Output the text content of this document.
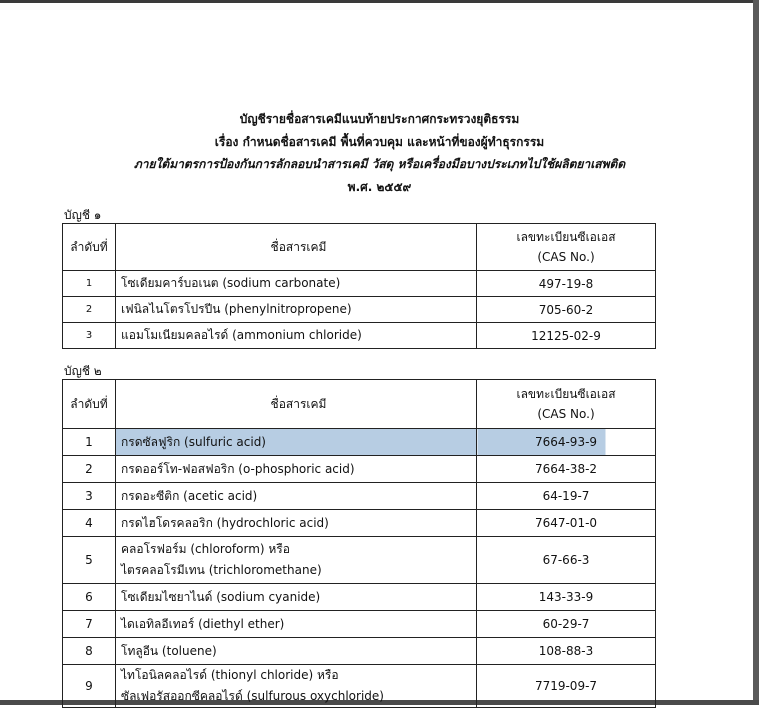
บัญชีรายชื่อสารเคมีแนบท้ายประกาศกระทรวงยุติธรรม
เรื่อง กำหนดชื่อสารเคมี พื้นที่ควบคุม และหน้าที่ของผู้ทำธุรกรรม
ภายใต้มาตรการป้องกันการลักลอบนำสารเคมี วัสดุ หรือเครื่องมือบางประเภทไปใช้ผลิตยาเสพติด
พ.ศ. ๒๕๕๙
บัญชี ๑
ลำดับที่	ชื่อสารเคมี	เลขทะเบียนซีเอเอส
(CAS No.)

1	โซเดียมคาร์บอเนต (sodium carbonate)	497-19-8
2	เฟนิลไนโตรโปรปีน (phenylnitropropene)	705-60-2
3	แอมโมเนียมคลอไรด์ (ammonium chloride)	12125-02-9
บัญชี ๒
ลำดับที่	ชื่อสารเคมี	เลขทะเบียนซีเอเอส
(CAS No.)

1	กรดซัลฟูริก (sulfuric acid)	7664-93-9
2	กรดออร์โท-ฟอสฟอริก (o-phosphoric acid)	7664-38-2
3	กรดอะซีติก (acetic acid)	64-19-7
4	กรดไฮโดรคลอริก (hydrochloric acid)	7647-01-0
5	คลอโรฟอร์ม (chloroform) หรือ
ไตรคลอโรมีเทน (trichloromethane)	67-66-3
6	โซเดียมไซยาไนด์ (sodium cyanide)	143-33-9
7	ไดเอทิลอีเทอร์ (diethyl ether)	60-29-7
8	โทลูอีน (toluene)	108-88-3
9	ไทโอนิลคลอไรด์ (thionyl chloride) หรือ
ซัลเฟอรัสออกซีคลอไรด์ (sulfurous oxychloride)	7719-09-7
